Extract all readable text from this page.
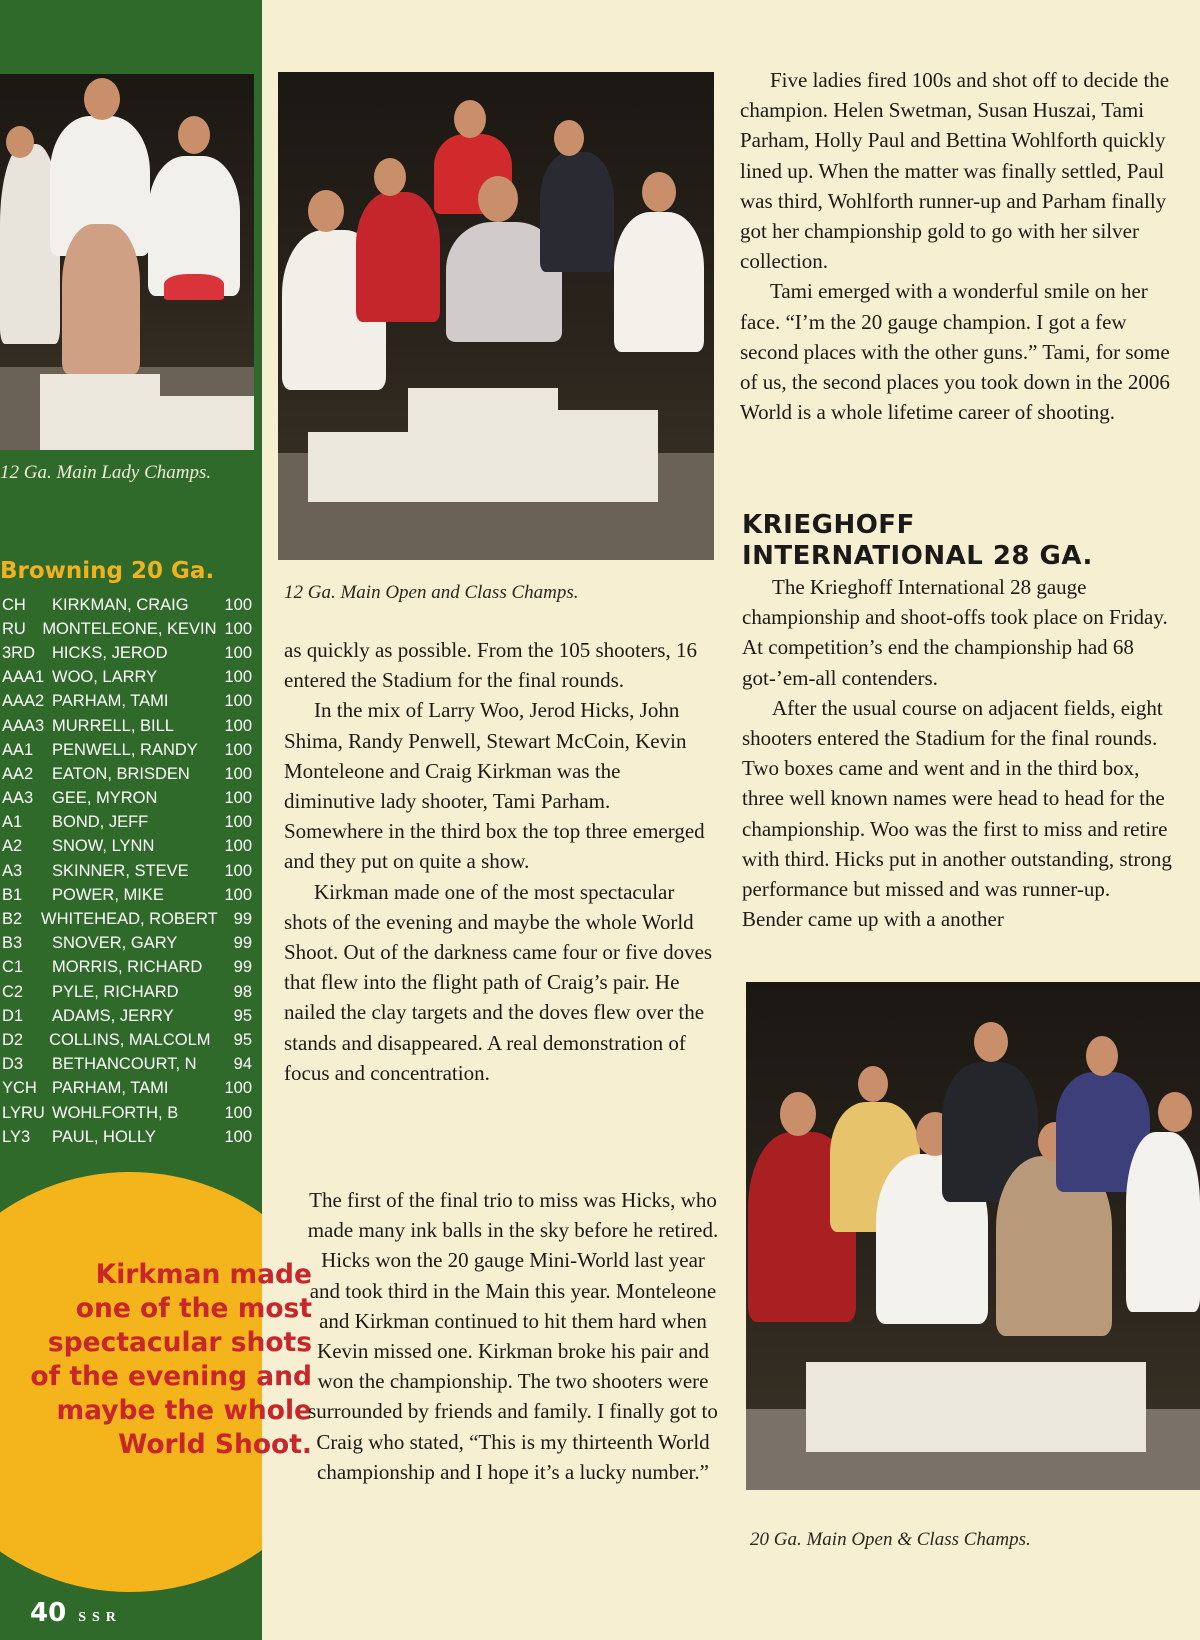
12 Ga. Main Lady Champs.
Browning 20 Ga.
CH	KIRKMAN, CRAIG	100
RU MONTELEONE, KEVIN 100
3RD	HICKS, JEROD	100
AAA1 WOO, LARRY	100
AAA2 PARHAM, TAMI	100
AAA3 MURRELL, BILL	100
AA1	PENWELL, RANDY	100
AA2	EATON, BRISDEN	100
AA3	GEE, MYRON	100
A1	BOND, JEFF	100
A2	SNOW, LYNN	100
A3	SKINNER, STEVE	100
B1	POWER, MIKE	100
B2	WHITEHEAD, ROBERT 99
B3	SNOVER, GARY	99
C1	MORRIS, RICHARD	99
C2	PYLE, RICHARD	98
D1	ADAMS, JERRY	95
D2	COLLINS, MALCOLM	95
D3	BETHANCOURT, N	94
YCH PARHAM, TAMI	100
LYRU WOHLFORTH, B	100
LY3	PAUL, HOLLY	100
Kirkman made
one of the most
spectacular shots
of the evening and
maybe the whole
World Shoot.
40 SSR
12 Ga. Main Open and Class Champs.

as quickly as possible. From the 105 shooters, 16 entered the Stadium for the final rounds.

In the mix of Larry Woo, Jerod Hicks, John Shima, Randy Penwell, Stewart McCoin, Kevin Monteleone and Craig Kirkman was the diminutive lady shooter, Tami Parham. Somewhere in the third box the top three emerged and they put on quite a show.

Kirkman made one of the most spectacular shots of the evening and maybe the whole World Shoot. Out of the darkness came four or five doves that flew into the flight path of Craig’s pair. He nailed the clay targets and the doves flew over the stands and disappeared. A real demonstration of focus and concentration.

The first of the final trio to miss was Hicks, who made many ink balls in the sky before he retired. Hicks won the 20 gauge Mini-World last year and took third in the Main this year. Monteleone and Kirkman continued to hit them hard when Kevin missed one. Kirkman broke his pair and won the championship. The two shooters were surrounded by friends and family. I finally got to Craig who stated, “This is my thirteenth World championship and I hope it’s a lucky number.”

Five ladies fired 100s and shot off to decide the champion. Helen Swetman, Susan Huszai, Tami Parham, Holly Paul and Bettina Wohlforth quickly lined up. When the matter was finally settled, Paul was third, Wohlforth runner-up and Parham finally got her championship gold to go with her silver collection.

Tami emerged with a wonderful smile on her face. “I’m the 20 gauge champion. I got a few second places with the other guns.” Tami, for some of us, the second places you took down in the 2006 World is a whole lifetime career of shooting.

KRIEGHOFF
INTERNATIONAL 28 GA.

The Krieghoff International 28 gauge championship and shoot-offs took place on Friday. At competition’s end the championship had 68 got-’em-all contenders.

After the usual course on adjacent fields, eight shooters entered the Stadium for the final rounds. Two boxes came and went and in the third box, three well known names were head to head for the championship. Woo was the first to miss and retire with third. Hicks put in another outstanding, strong performance but missed and was runner-up. Bender came up with a another

20 Ga. Main Open & Class Champs.
